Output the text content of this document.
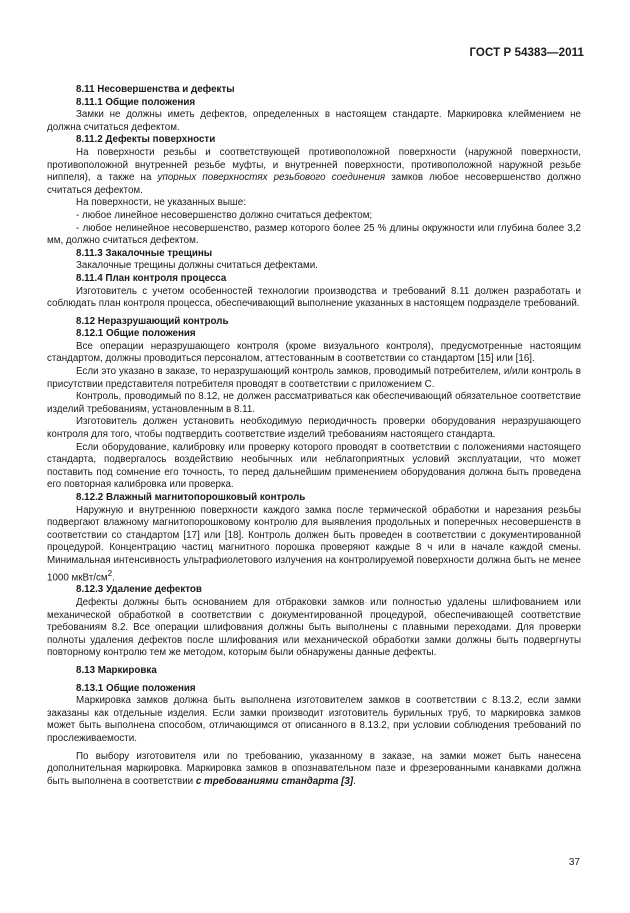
ГОСТ Р 54383—2011

8.11 Несовершенства и дефекты

8.11.1 Общие положения

Замки не должны иметь дефектов, определенных в настоящем стандарте. Маркировка клеймением не должна считаться дефектом.

8.11.2 Дефекты поверхности

На поверхности резьбы и соответствующей противоположной поверхности (наружной поверхности, противоположной внутренней резьбе муфты, и внутренней поверхности, противоположной наружной резьбе ниппеля), а также на упорных поверхностях резьбового соединения замков любое несовершенство должно считаться дефектом.

На поверхности, не указанных выше:

- любое линейное несовершенство должно считаться дефектом;

- любое нелинейное несовершенство, размер которого более 25 % длины окружности или глубина более 3,2 мм, должно считаться дефектом.

8.11.3 Закалочные трещины

Закалочные трещины должны считаться дефектами.

8.11.4 План контроля процесса

Изготовитель с учетом особенностей технологии производства и требований 8.11 должен разработать и соблюдать план контроля процесса, обеспечивающий выполнение указанных в настоящем подразделе требований.

8.12 Неразрушающий контроль

8.12.1 Общие положения

Все операции неразрушающего контроля (кроме визуального контроля), предусмотренные настоящим стандартом, должны проводиться персоналом, аттестованным в соответствии со стандартом [15] или [16].

Если это указано в заказе, то неразрушающий контроль замков, проводимый потребителем, и/или контроль в присутствии представителя потребителя проводят в соответствии с приложением C.

Контроль, проводимый по 8.12, не должен рассматриваться как обеспечивающий обязательное соответствие изделий требованиям, установленным в 8.11.

Изготовитель должен установить необходимую периодичность проверки оборудования неразрушающего контроля для того, чтобы подтвердить соответствие изделий требованиям настоящего стандарта.

Если оборудование, калибровку или проверку которого проводят в соответствии с положениями настоящего стандарта, подвергалось воздействию необычных или неблагоприятных условий эксплуатации, что может поставить под сомнение его точность, то перед дальнейшим применением оборудования должна быть проведена его повторная калибровка или проверка.

8.12.2 Влажный магнитопорошковый контроль

Наружную и внутреннюю поверхности каждого замка после термической обработки и нарезания резьбы подвергают влажному магнитопорошковому контролю для выявления продольных и поперечных несовершенств в соответствии со стандартом [17] или [18]. Контроль должен быть проведен в соответствии с документированной процедурой. Концентрацию частиц магнитного порошка проверяют каждые 8 ч или в начале каждой смены. Минимальная интенсивность ультрафиолетового излучения на контролируемой поверхности должна быть не менее 1000 мкВт/$см^2$.

8.12.3 Удаление дефектов

Дефекты должны быть основанием для отбраковки замков или полностью удалены шлифованием или механической обработкой в соответствии с документированной процедурой, обеспечивающей соответствие требованиям 8.2. Все операции шлифования должны быть выполнены с плавными переходами. Для проверки полноты удаления дефектов после шлифования или механической обработки замки должны быть подвергнуты повторному контролю тем же методом, которым были обнаружены данные дефекты.

8.13 Маркировка

8.13.1 Общие положения

Маркировка замков должна быть выполнена изготовителем замков в соответствии с 8.13.2, если замки заказаны как отдельные изделия. Если замки производит изготовитель бурильных труб, то маркировка замков может быть выполнена способом, отличающимся от описанного в 8.13.2, при условии соблюдения требований по прослеживаемости.

По выбору изготовителя или по требованию, указанному в заказе, на замки может быть нанесена дополнительная маркировка. Маркировка замков в опознавательном пазе и фрезерованными канавками должна быть выполнена в соответствии с требованиями стандарта [3].

37
